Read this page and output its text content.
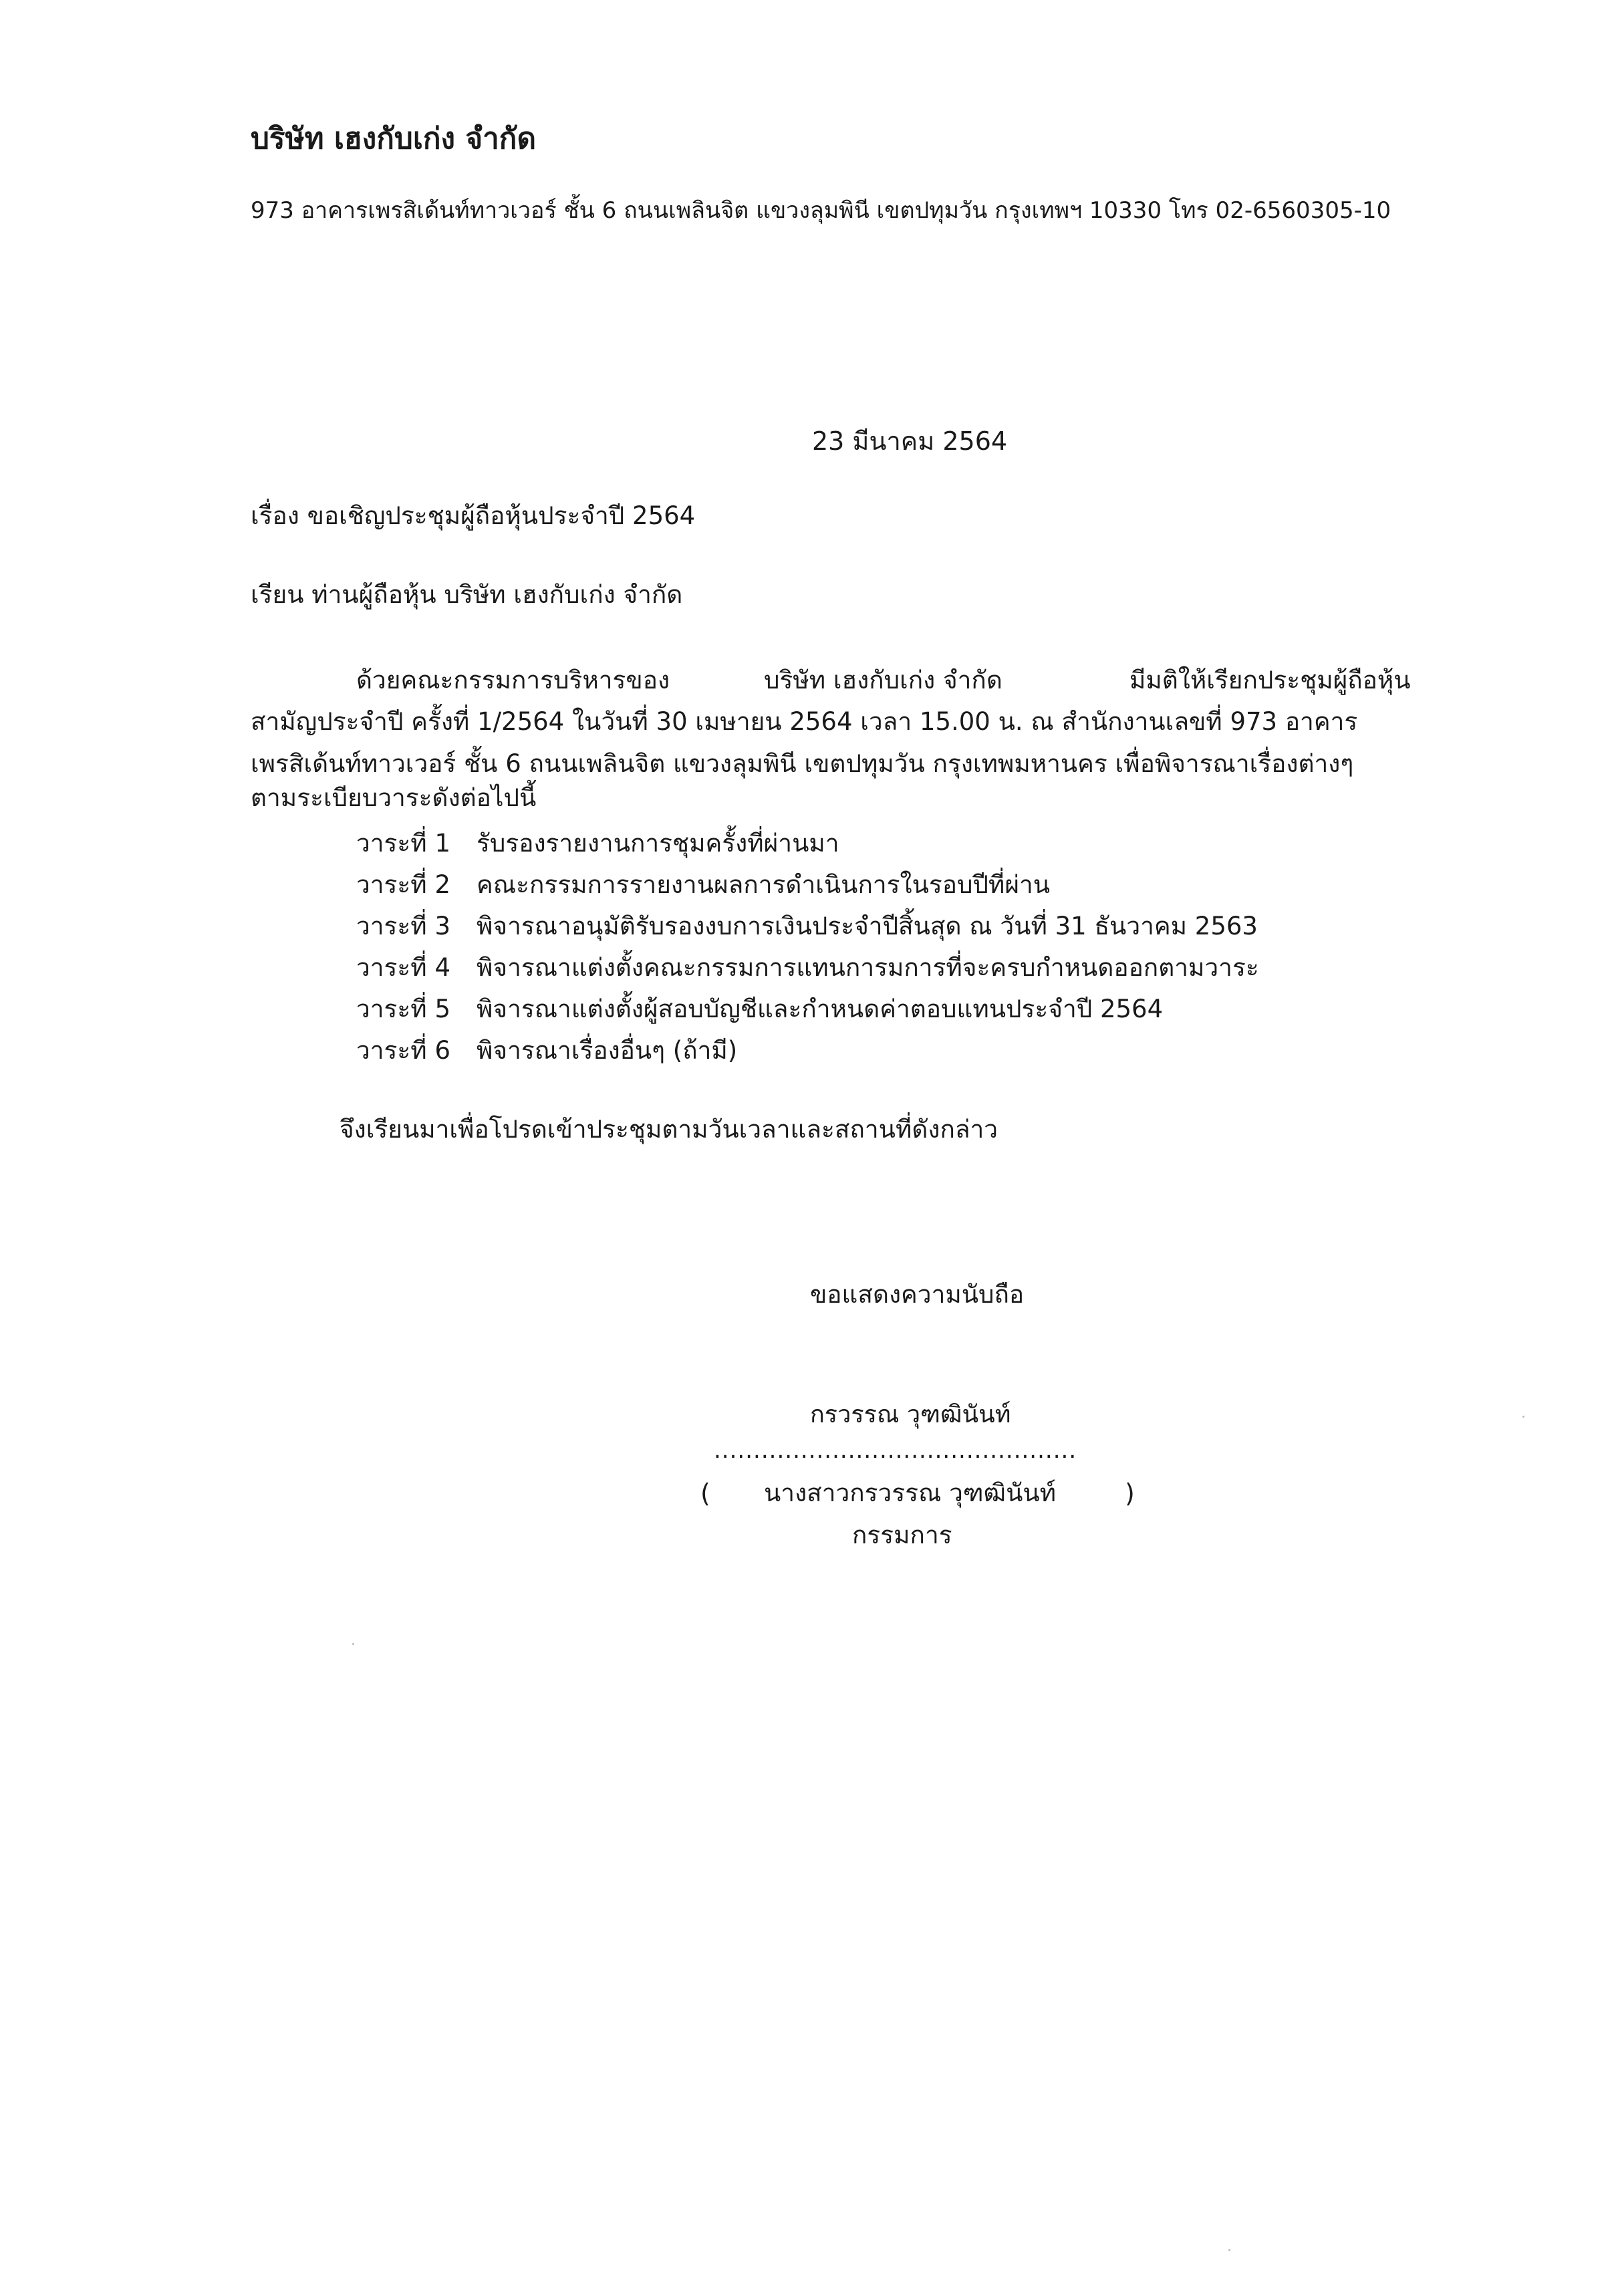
บริษัท เฮงกับเก่ง จำกัด
973 อาคารเพรสิเด้นท์ทาวเวอร์ ชั้น 6 ถนนเพลินจิต แขวงลุมพินี เขตปทุมวัน กรุงเทพฯ 10330 โทร 02-6560305-10
23 มีนาคม 2564
เรื่อง ขอเชิญประชุมผู้ถือหุ้นประจำปี 2564
เรียน ท่านผู้ถือหุ้น บริษัท เฮงกับเก่ง จำกัด
ด้วยคณะกรรมการบริหารของ	บริษัท เฮงกับเก่ง จำกัด	มีมติให้เรียกประชุมผู้ถือหุ้น
สามัญประจำปี ครั้งที่ 1/2564 ในวันที่ 30 เมษายน 2564 เวลา 15.00 น. ณ สำนักงานเลขที่ 973 อาคาร
เพรสิเด้นท์ทาวเวอร์ ชั้น 6 ถนนเพลินจิต แขวงลุมพินี เขตปทุมวัน กรุงเทพมหานคร เพื่อพิจารณาเรื่องต่างๆ
ตามระเบียบวาระดังต่อไปนี้
วาระที่ 1 รับรองรายงานการชุมครั้งที่ผ่านมา
วาระที่ 2 คณะกรรมการรายงานผลการดำเนินการในรอบปีที่ผ่าน
วาระที่ 3 พิจารณาอนุมัติรับรองงบการเงินประจำปีสิ้นสุด ณ วันที่ 31 ธันวาคม 2563
วาระที่ 4 พิจารณาแต่งตั้งคณะกรรมการแทนการมการที่จะครบกำหนดออกตามวาระ
วาระที่ 5 พิจารณาแต่งตั้งผู้สอบบัญชีและกำหนดค่าตอบแทนประจำปี 2564
วาระที่ 6 พิจารณาเรื่องอื่นๆ (ถ้ามี)
จึงเรียนมาเพื่อโปรดเข้าประชุมตามวันเวลาและสถานที่ดังกล่าว
ขอแสดงความนับถือ
กรวรรณ วุฑฒินันท์
..............................................
( นางสาวกรวรรณ วุฑฒินันท์	)
กรรมการ
